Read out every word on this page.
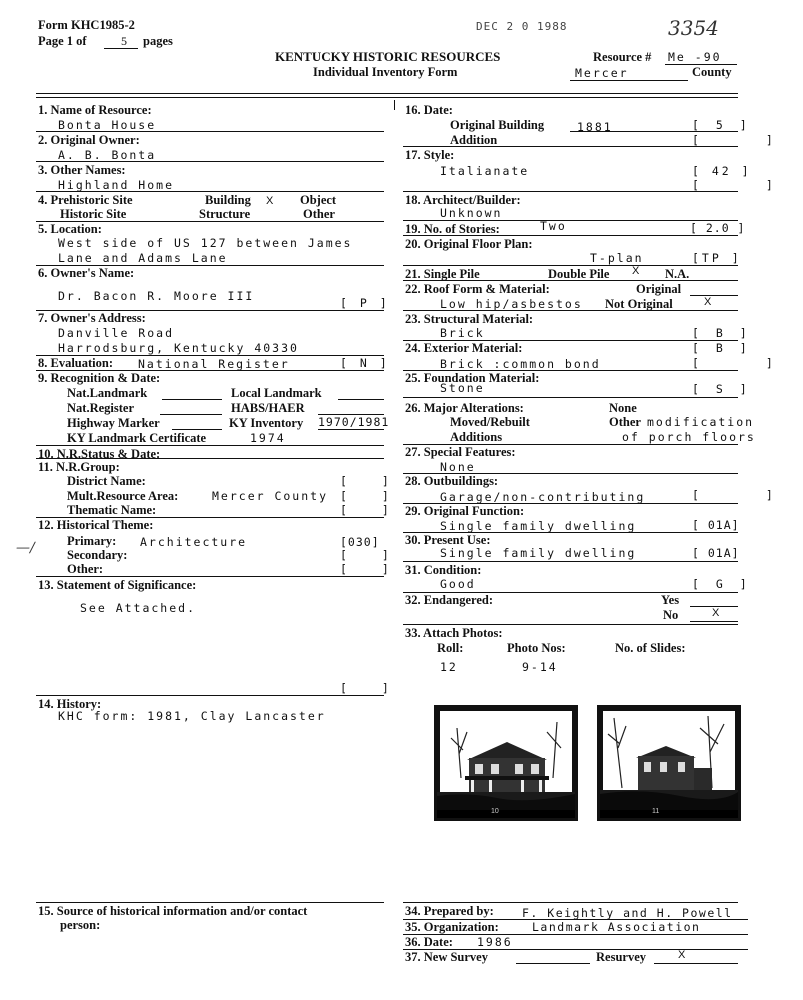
Form KHC1985-2
Page 1 of	5	pages
DEC 2 0 1988	3354
KENTUCKY HISTORIC RESOURCES
Individual Inventory Form
Resource # Me -90
Mercer	County
1. Name of Resource:
Bonta House
2. Original Owner:
A. B. Bonta
3. Other Names:
Highland Home
4. Prehistoric Site
Historic Site
Building X
Structure
Object
Other
5. Location:
West side of US 127 between James
Lane and Adams Lane
6. Owner's Name:
Dr. Bacon R. Moore III	[ P ]
7. Owner's Address:
Danville Road
Harrodsburg, Kentucky 40330
8. Evaluation: National Register	[ N ]
9. Recognition & Date:
Nat.Landmark	Local Landmark
Nat.Register	HABS/HAER
Highway Marker	KY Inventory 1970/1981
KY Landmark Certificate	1974
10. N.R.Status & Date:
11. N.R.Group:
District Name:	[ ]
Mult.Resource Area:	Mercer County [ ]
Thematic Name:	[ ]
12. Historical Theme:
Primary: Architecture	[030]
—∕	Secondary:	[ ]
Other:	[ ]
13. Statement of Significance:
See Attached.
[ ]
14. History:
KHC form: 1981, Clay Lancaster
15. Source of historical information and/or contact
person:
16. Date:
Original Building	1881	[ 5 ]
Addition	[ ]
17. Style:
Italianate	[ 42 ]
[ ]
18. Architect/Builder:
Unknown
19. No. of Stories:	Two	[ 2.0 ]
20. Original Floor Plan:
T-plan	[TP ]
21. Single Pile	Double Pile X N.A.
22. Roof Form & Material:	Original
Low hip/asbestos Not Original	X
23. Structural Material:
Brick	[ B ]
24. Exterior Material:	[ B ]
Brick :common bond	[ ]
25. Foundation Material:
Stone	[ S ]
26. Major Alterations:	None
Moved/Rebuilt	Other modification
Additions	of porch floors
27. Special Features:
None
28. Outbuildings:
Garage/non-contributing	[ ]
29. Original Function:
Single family dwelling	[ 01A]
30. Present Use:
Single family dwelling	[ 01A]
31. Condition:
Good	[ G ]
32. Endangered:	Yes
No	X
33. Attach Photos:
Roll:	Photo Nos:	No. of Slides:
12	9-14
10	11
34. Prepared by: F. Keightly and H. Powell
35. Organization:	Landmark Association
36. Date: 1986
37. New Survey	Resurvey	X
